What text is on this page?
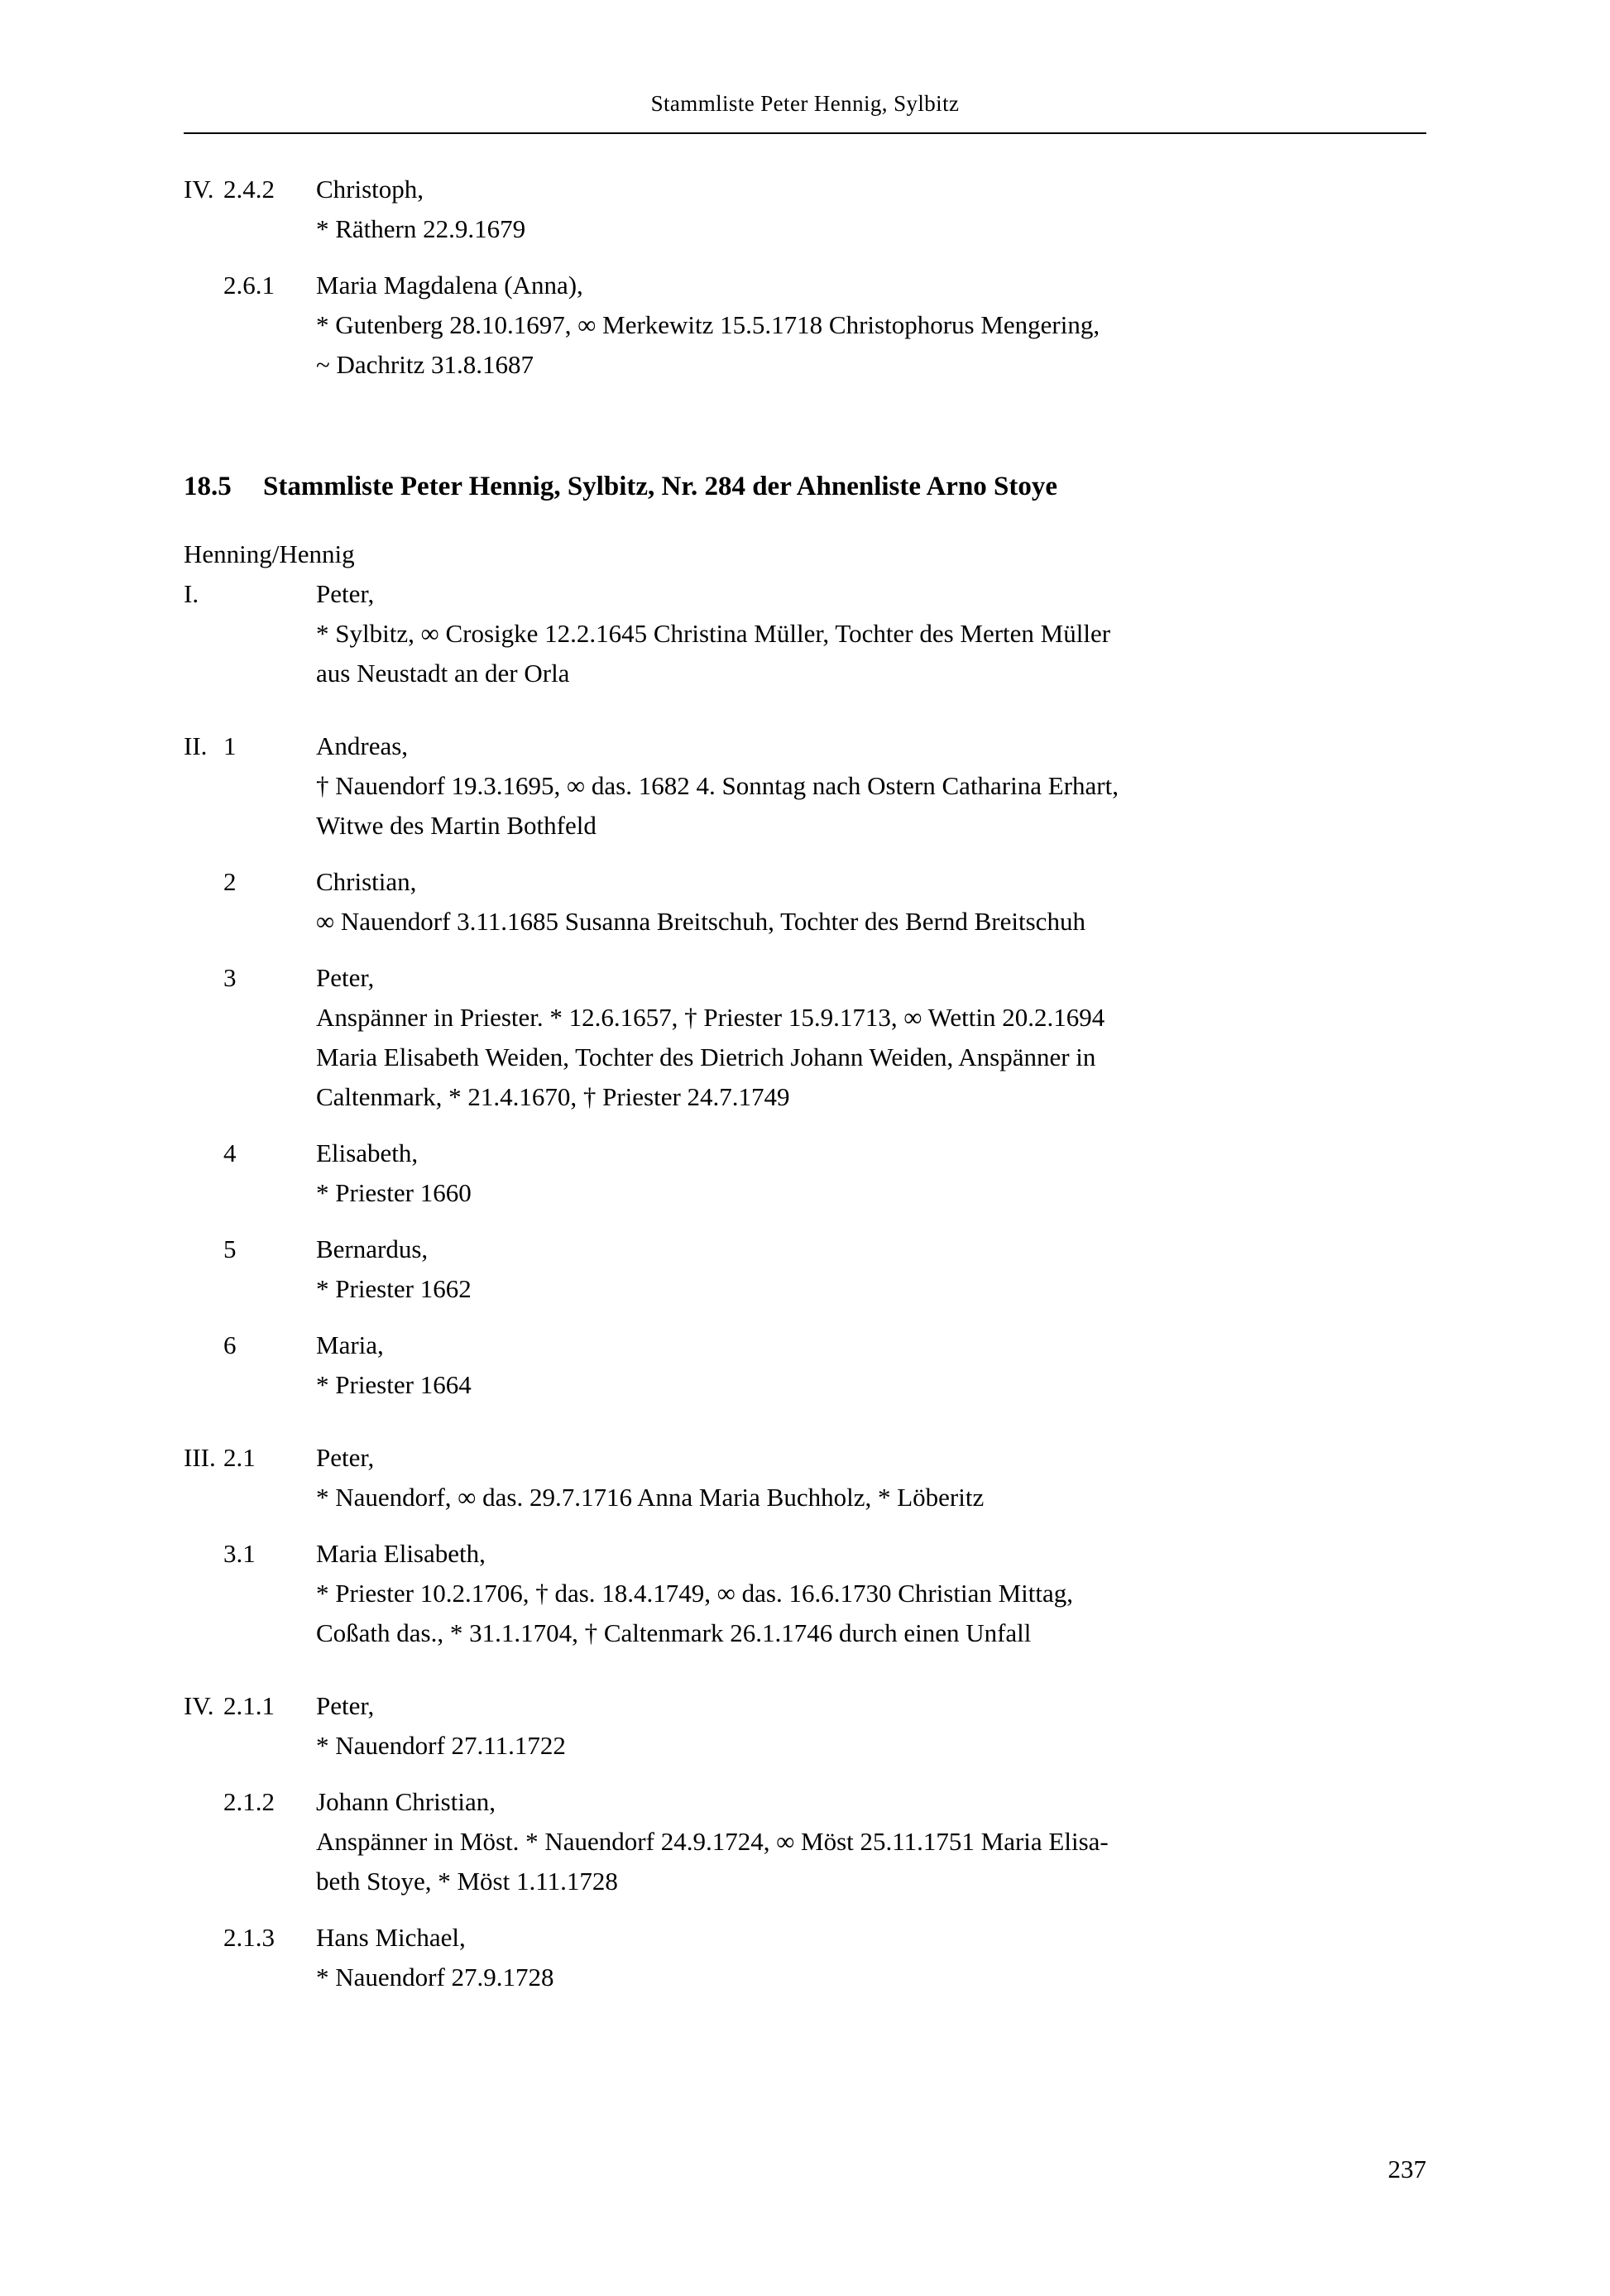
Stammliste Peter Hennig, Sylbitz
IV. 2.4.2	Christoph,
* Räthern 22.9.1679
2.6.1	Maria Magdalena (Anna),
* Gutenberg 28.10.1697, ∞ Merkewitz 15.5.1718 Christophorus Mengering,
~ Dachritz 31.8.1687
18.5	Stammliste Peter Hennig, Sylbitz, Nr. 284 der Ahnenliste Arno Stoye
Henning/Hennig
I.	Peter,
* Sylbitz, ∞ Crosigke 12.2.1645 Christina Müller, Tochter des Merten Müller
aus Neustadt an der Orla
II. 1	Andreas,
† Nauendorf 19.3.1695, ∞ das. 1682 4. Sonntag nach Ostern Catharina Erhart,
Witwe des Martin Bothfeld
2	Christian,
∞ Nauendorf 3.11.1685 Susanna Breitschuh, Tochter des Bernd Breitschuh
3	Peter,
Anspänner in Priester. * 12.6.1657, † Priester 15.9.1713, ∞ Wettin 20.2.1694
Maria Elisabeth Weiden, Tochter des Dietrich Johann Weiden, Anspänner in
Caltenmark, * 21.4.1670, † Priester 24.7.1749
4	Elisabeth,
* Priester 1660
5	Bernardus,
* Priester 1662
6	Maria,
* Priester 1664
III. 2.1	Peter,
* Nauendorf, ∞ das. 29.7.1716 Anna Maria Buchholz, * Löberitz
3.1	Maria Elisabeth,
* Priester 10.2.1706, † das. 18.4.1749, ∞ das. 16.6.1730 Christian Mittag,
Coßath das., * 31.1.1704, † Caltenmark 26.1.1746 durch einen Unfall
IV. 2.1.1	Peter,
* Nauendorf 27.11.1722
2.1.2	Johann Christian,
Anspänner in Möst. * Nauendorf 24.9.1724, ∞ Möst 25.11.1751 Maria Elisa-
beth Stoye, * Möst 1.11.1728
2.1.3	Hans Michael,
* Nauendorf 27.9.1728
237
